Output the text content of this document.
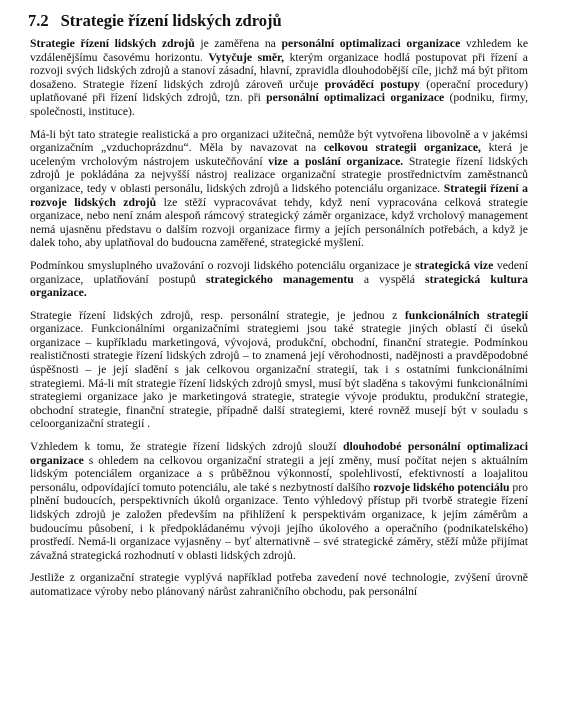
7.2 Strategie řízení lidských zdrojů

Strategie řízení lidských zdrojů je zaměřena na personální optimalizaci organizace vzhledem ke vzdálenějšímu časovému horizontu. Vytyčuje směr, kterým organizace hodlá postupovat při řízení a rozvoji svých lidských zdrojů a stanoví zásadní, hlavní, zpravidla dlouhodobější cíle, jichž má být přitom dosaženo. Strategie řízení lidských zdrojů zároveň určuje prováděcí postupy (operační procedury) uplatňované při řízení lidských zdrojů, tzn. při personální optimalizaci organizace (podniku, firmy, společnosti, instituce).

Má-li být tato strategie realistická a pro organizaci užitečná, nemůže být vytvořena libovolně a v jakémsi organizačním „vzduchoprázdnu“. Měla by navazovat na celkovou strategii organizace, která je uceleným vrcholovým nástrojem uskutečňování vize a poslání organizace. Strategie řízení lidských zdrojů je pokládána za nejvyšší nástroj realizace organizační strategie prostřednictvím zaměstnanců organizace, tedy v oblasti personálu, lidských zdrojů a lidského potenciálu organizace. Strategii řízení a rozvoje lidských zdrojů lze stěží vypracovávat tehdy, když není vypracována celková strategie organizace, nebo není znám alespoň rámcový strategický záměr organizace, když vrcholový management nemá ujasněnu představu o dalším rozvoji organizace firmy a jejích personálních potřebách, a když je dalek toho, aby uplatňoval do budoucna zaměřené, strategické myšlení.

Podmínkou smysluplného uvažování o rozvoji lidského potenciálu organizace je strategická vize vedení organizace, uplatňování postupů strategického managementu a vyspělá strategická kultura organizace.

Strategie řízení lidských zdrojů, resp. personální strategie, je jednou z funkcionálních strategií organizace. Funkcionálními organizačními strategiemi jsou také strategie jiných oblastí či úseků organizace – kupříkladu marketingová, vývojová, produkční, obchodní, finanční strategie. Podmínkou realističnosti strategie řízení lidských zdrojů – to znamená její věrohodnosti, nadějnosti a pravděpodobné úspěšnosti – je její sladění s jak celkovou organizační strategií, tak i s ostatními funkcionálními strategiemi. Má-li mít strategie řízení lidských zdrojů smysl, musí být sladěna s takovými funkcionálními strategiemi organizace jako je marketingová strategie, strategie vývoje produktu, produkční strategie, obchodní strategie, finanční strategie, případně další strategiemi, které rovněž musejí být v souladu s celoorganizační strategií .

Vzhledem k tomu, že strategie řízení lidských zdrojů slouží dlouhodobé personální optimalizaci organizace s ohledem na celkovou organizační strategii a její změny, musí počítat nejen s aktuálním lidským potenciálem organizace a s průběžnou výkonností, spolehlivostí, efektivností a loajalitou personálu, odpovídající tomuto potenciálu, ale také s nezbytností dalšího rozvoje lidského potenciálu pro plnění budoucích, perspektivních úkolů organizace. Tento výhledový přístup při tvorbě strategie řízení lidských zdrojů je založen především na přihlížení k perspektivám organizace, k jejím záměrům a budoucímu působení, i k předpokládanému vývoji jejího úkolového a operačního (podnikatelského) prostředí. Nemá-li organizace vyjasněny – byť alternativně – své strategické záměry, stěží může přijímat závažná strategická rozhodnutí v oblasti lidských zdrojů.

Jestliže z organizační strategie vyplývá například potřeba zavedení nové technologie, zvýšení úrovně automatizace výroby nebo plánovaný nárůst zahraničního obchodu, pak personální
